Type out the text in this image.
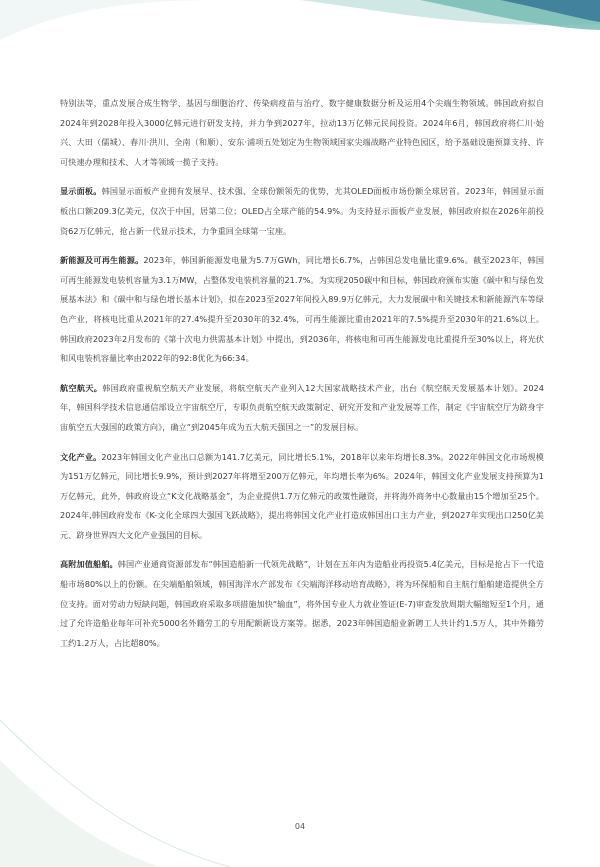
特别法等，重点发展合成生物学、基因与细胞治疗、传染病疫苗与治疗、数字健康数据分析及运用4个尖端生物领域。韩国政府拟自2024年到2028年投入3000亿韩元进行研发支持，并力争到2027年，拉动13万亿韩元民间投资。2024年6月，韩国政府将仁川·始兴、大田（儒城）、春川·洪川、全南（和顺）、安东·浦项五处划定为生物领域国家尖端战略产业特色园区，给予基础设施预算支持、许可快速办理和技术、人才等领域一揽子支持。

显示面板。韩国显示面板产业拥有发展早、技术强、全球份额领先的优势，尤其OLED面板市场份额全球居首。2023年，韩国显示面板出口额209.3亿美元，仅次于中国，居第二位；OLED占全球产能的54.9%。为支持显示面板产业发展，韩国政府拟在2026年前投资62万亿韩元，抢占新一代显示技术，力争重回全球第一宝座。

新能源及可再生能源。2023年，韩国新能源发电量为5.7万GWh，同比增长6.7%，占韩国总发电量比重9.6%。截至2023年，韩国可再生能源发电装机容量为3.1万MW，占整体发电装机容量的21.7%。为实现2050碳中和目标，韩国政府颁布实施《碳中和与绿色发展基本法》和《碳中和与绿色增长基本计划》，拟在2023至2027年间投入89.9万亿韩元，大力发展碳中和关键技术和新能源汽车等绿色产业，将核电比重从2021年的27.4%提升至2030年的32.4%，可再生能源比重由2021年的7.5%提升至2030年的21.6%以上。韩国政府2023年2月发布的《第十次电力供需基本计划》中提出，到2036年，将核电和可再生能源发电比重提升至30%以上，将光伏和风电装机容量比率由2022年的92:8优化为66:34。

航空航天。韩国政府重视航空航天产业发展，将航空航天产业列入12大国家战略技术产业，出台《航空航天发展基本计划》。2024年，韩国科学技术信息通信部设立宇宙航空厅，专职负责航空航天政策制定、研究开发和产业发展等工作，制定《宇宙航空厅为跻身宇宙航空五大强国的政策方向》，确立“到2045年成为五大航天强国之一”的发展目标。

文化产业。2023年韩国文化产业出口总额为141.7亿美元，同比增长5.1%，2018年以来年均增长8.3%。2022年韩国文化市场规模为151万亿韩元，同比增长9.9%，预计到2027年将增至200万亿韩元，年均增长率为6%。2024年，韩国文化产业发展支持预算为1万亿韩元，此外，韩政府设立“K文化战略基金”，为企业提供1.7万亿韩元的政策性融资，并将海外商务中心数量由15个增加至25个。2024年,韩国政府发布《K-文化全球四大强国飞跃战略》，提出将韩国文化产业打造成韩国出口主力产业，到2027年实现出口250亿美元、跻身世界四大文化产业强国的目标。

高附加值船舶。韩国产业通商资源部发布“韩国造船新一代领先战略”，计划在五年内为造船业再投资5.4亿美元，目标是抢占下一代造船市场80%以上的份额。在尖端船舶领域，韩国海洋水产部发布《尖端海洋移动培育战略》，将为环保船和自主航行船舶建造提供全方位支持。面对劳动力短缺问题，韩国政府采取多项措施加快“输血”，将外国专业人力就业签证(E-7)审查发放周期大幅缩短至1个月，通过了允许造船业每年可补充5000名外籍劳工的专用配额新设方案等。据悉，2023年韩国造船业新聘工人共计约1.5万人，其中外籍劳工约1.2万人，占比超80%。

04
